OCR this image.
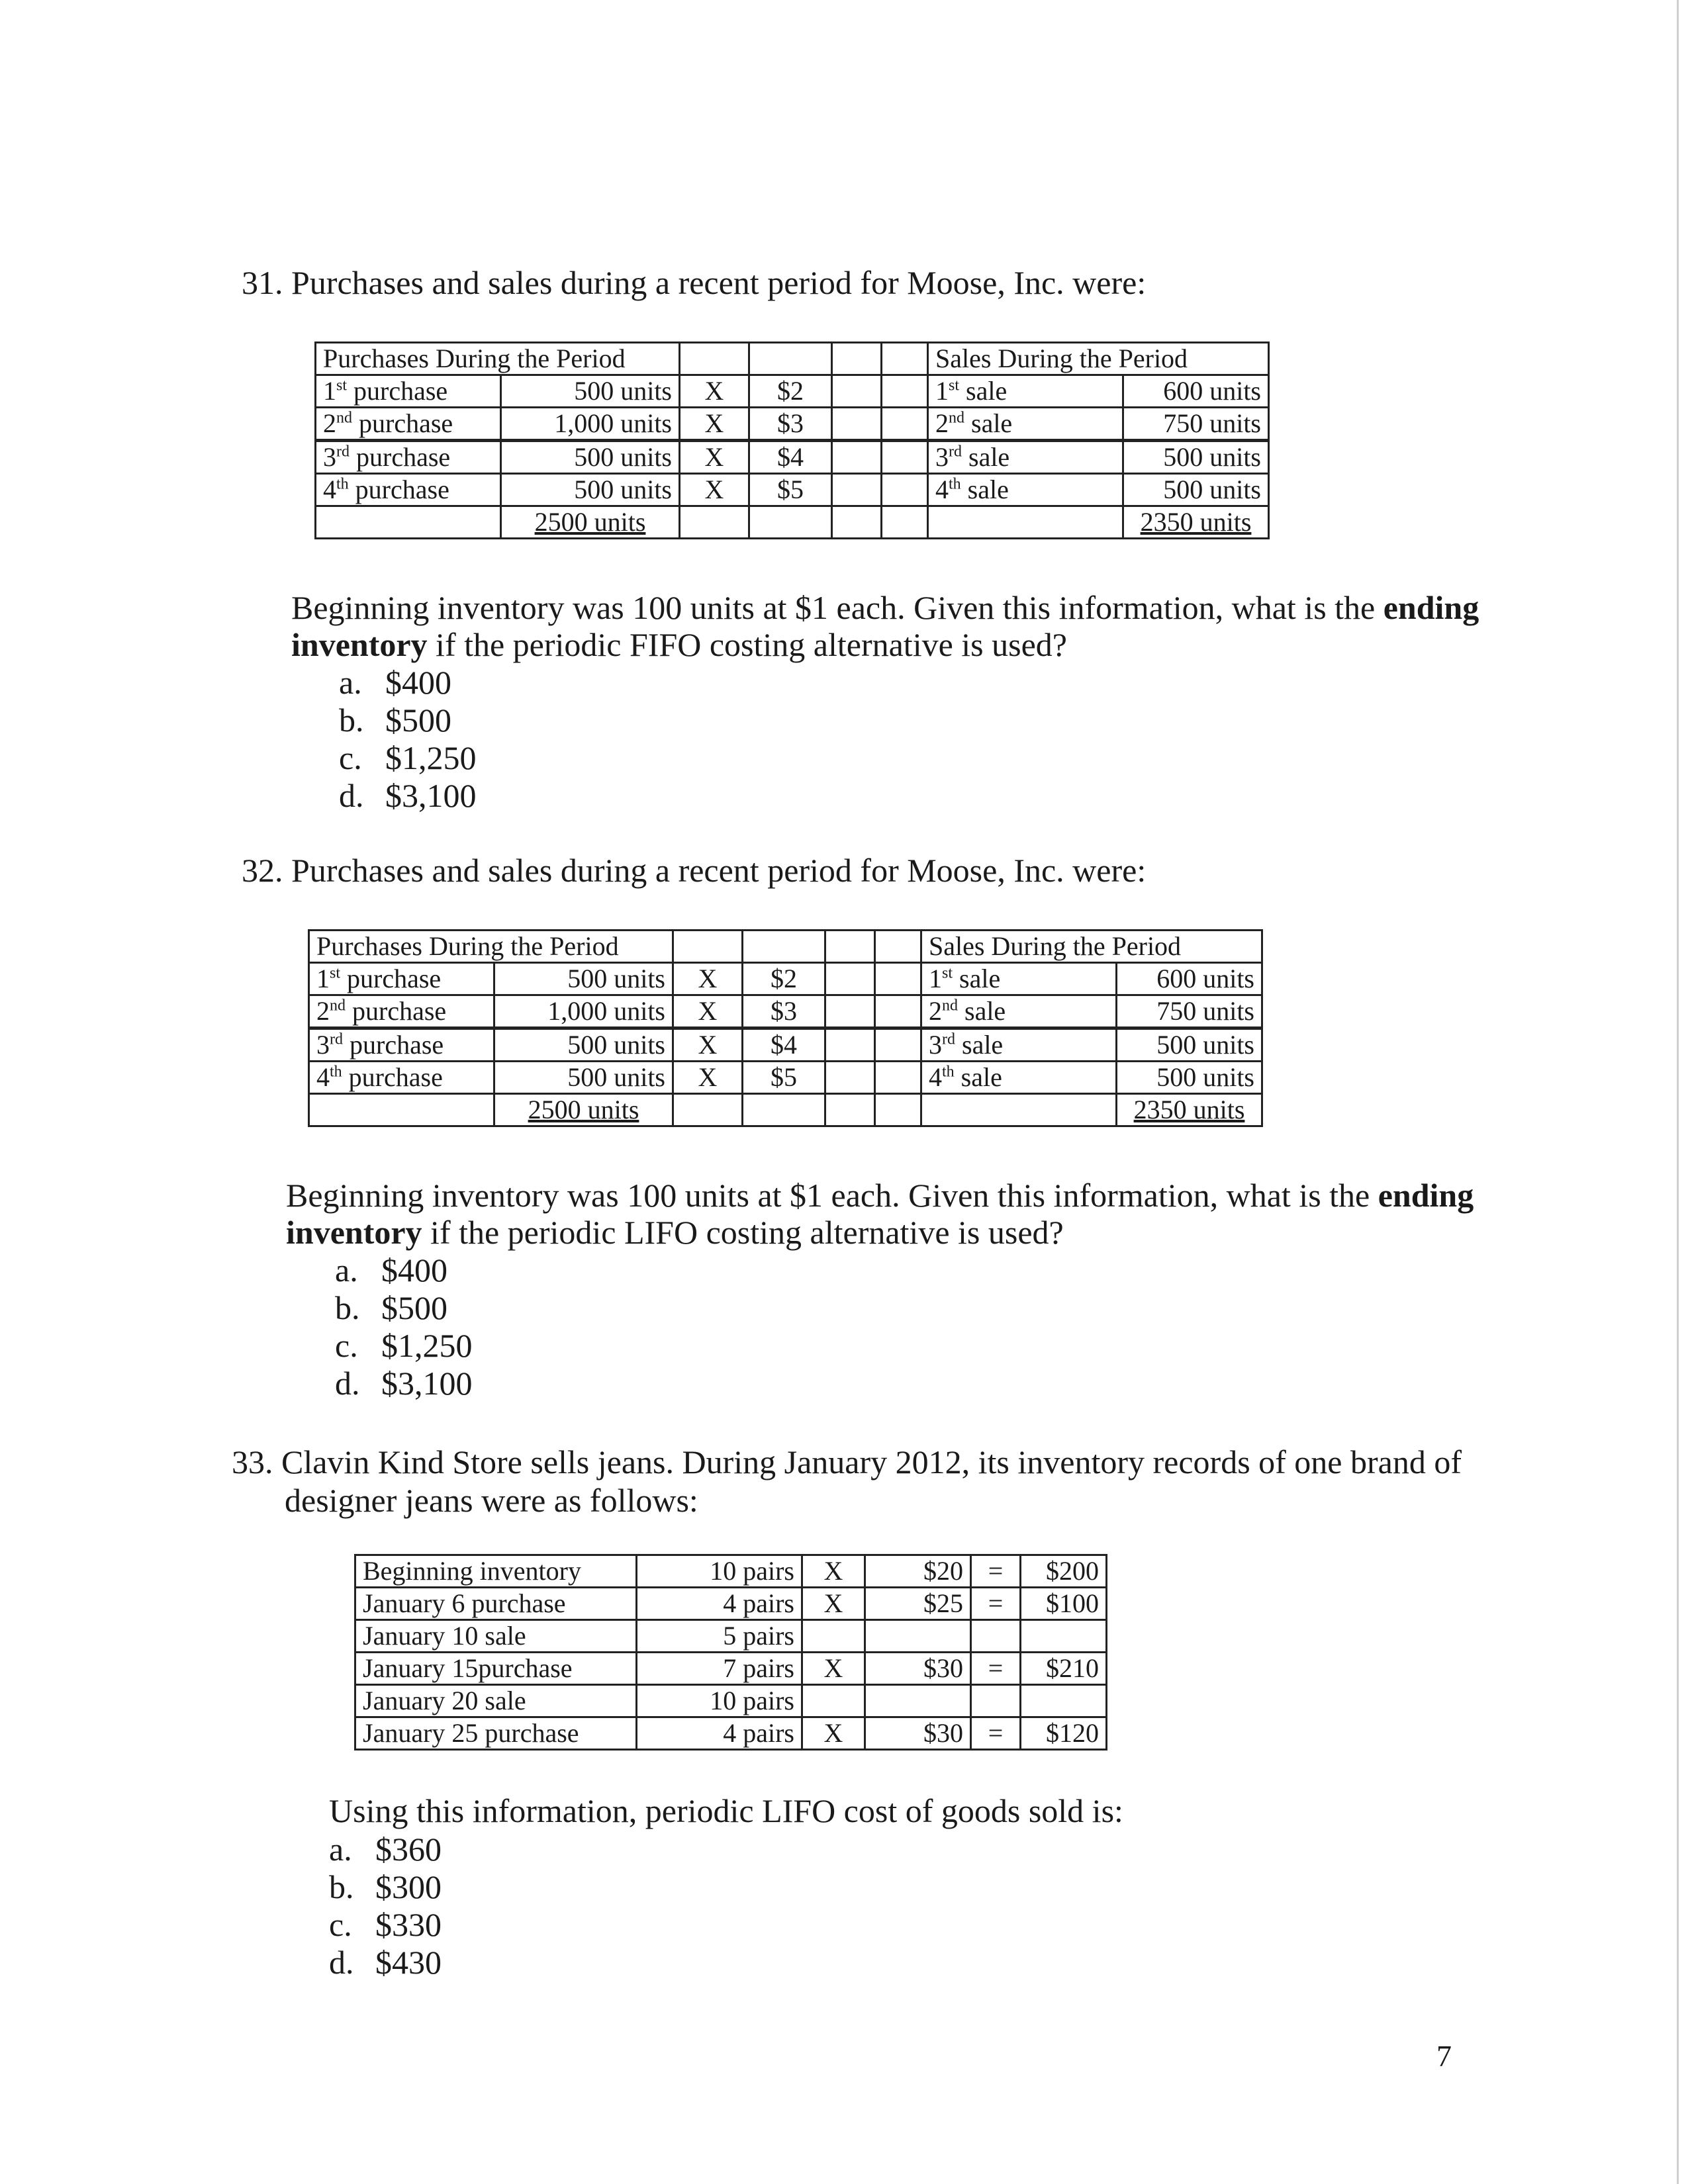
31. Purchases and sales during a recent period for Moose, Inc. were:
Purchases During the Period						Sales During the Period	
1st purchase	500 units	X	$2			1st sale	600 units
2nd purchase	1,000 units	X	$3			2nd sale	750 units
3rd purchase	500 units	X	$4			3rd sale	500 units
4th purchase	500 units	X	$5			4th sale	500 units
	2500 units						2350 units
Beginning inventory was 100 units at $1 each. Given this information, what is the ending inventory if the periodic FIFO costing alternative is used?
a. $400
b. $500
c. $1,250
d. $3,100
32. Purchases and sales during a recent period for Moose, Inc. were:
Purchases During the Period						Sales During the Period	
1st purchase	500 units	X	$2			1st sale	600 units
2nd purchase	1,000 units	X	$3			2nd sale	750 units
3rd purchase	500 units	X	$4			3rd sale	500 units
4th purchase	500 units	X	$5			4th sale	500 units
	2500 units						2350 units
Beginning inventory was 100 units at $1 each. Given this information, what is the ending inventory if the periodic LIFO costing alternative is used?
a. $400
b. $500
c. $1,250
d. $3,100
33. Clavin Kind Store sells jeans. During January 2012, its inventory records of one brand of
designer jeans were as follows:
Beginning inventory	10 pairs	X	$20	=	$200
January 6 purchase	4 pairs	X	$25	=	$100
January 10 sale	5 pairs				
January 15purchase	7 pairs	X	$30	=	$210
January 20 sale	10 pairs				
January 25 purchase	4 pairs	X	$30	=	$120
Using this information, periodic LIFO cost of goods sold is:
a. $360
b. $300
c. $330
d. $430
7
